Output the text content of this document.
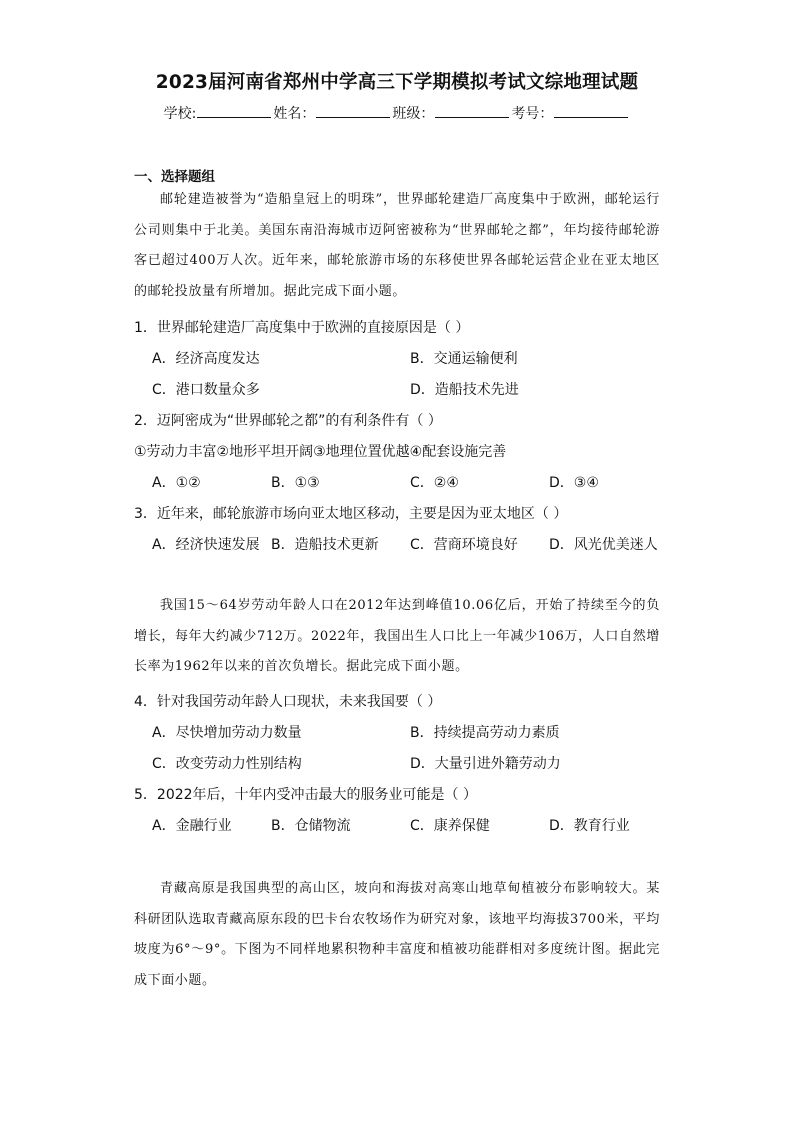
2023届河南省郑州中学高三下学期模拟考试文综地理试题
学校:	姓名：	班级：	考号：
一、选择题组
邮轮建造被誉为“造船皇冠上的明珠”，世界邮轮建造厂高度集中于欧洲，邮轮运行公司则集中于北美。美国东南沿海城市迈阿密被称为“世界邮轮之都”，年均接待邮轮游客已超过400万人次。近年来，邮轮旅游市场的东移使世界各邮轮运营企业在亚太地区的邮轮投放量有所增加。据此完成下面小题。
1．世界邮轮建造厂高度集中于欧洲的直接原因是（ ）
A．经济高度发达	B．交通运输便利
C．港口数量众多	D．造船技术先进
2．迈阿密成为“世界邮轮之都”的有利条件有（ ）
①劳动力丰富②地形平坦开阔③地理位置优越④配套设施完善
A．①②	B．①③	C．②④	D．③④
3．近年来，邮轮旅游市场向亚太地区移动，主要是因为亚太地区（ ）
A．经济快速发展 B．造船技术更新 C．营商环境良好 D．风光优美迷人
我国15～64岁劳动年龄人口在2012年达到峰值10.06亿后，开始了持续至今的负增长，每年大约减少712万。2022年，我国出生人口比上一年减少106万，人口自然增长率为1962年以来的首次负增长。据此完成下面小题。
4．针对我国劳动年龄人口现状，未来我国要（ ）
A．尽快增加劳动力数量	B．持续提高劳动力素质
C．改变劳动力性别结构	D．大量引进外籍劳动力
5．2022年后，十年内受冲击最大的服务业可能是（ ）
A．金融行业	B．仓储物流	C．康养保健	D．教育行业
青藏高原是我国典型的高山区，坡向和海拔对高寒山地草甸植被分布影响较大。某科研团队选取青藏高原东段的巴卡台农牧场作为研究对象，该地平均海拔3700米，平均坡度为6°～9°。下图为不同样地累积物种丰富度和植被功能群相对多度统计图。据此完成下面小题。
